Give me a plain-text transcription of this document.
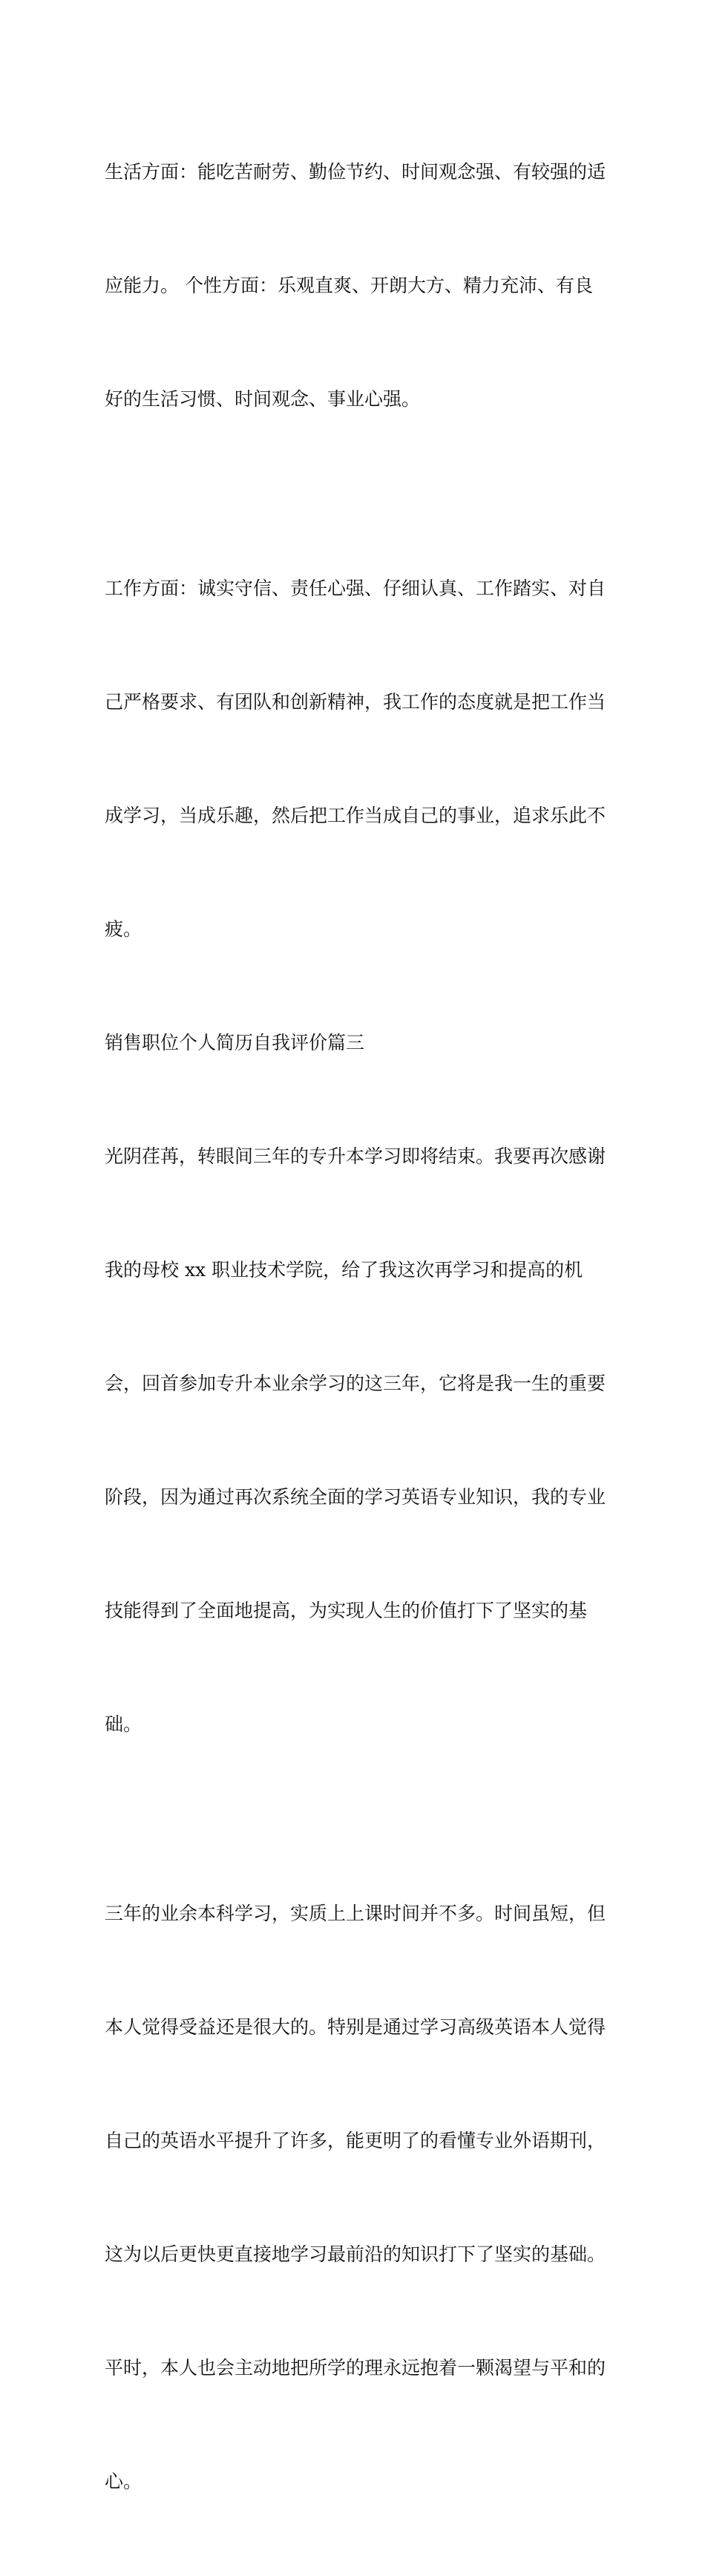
生活方面：能吃苦耐劳、勤俭节约、时间观念强、有较强的适

应能力。 个性方面：乐观直爽、开朗大方、精力充沛、有良

好的生活习惯、时间观念、事业心强。

工作方面：诚实守信、责任心强、仔细认真、工作踏实、对自

己严格要求、有团队和创新精神，我工作的态度就是把工作当

成学习，当成乐趣，然后把工作当成自己的事业，追求乐此不

疲。

销售职位个人简历自我评价篇三

光阴荏苒，转眼间三年的专升本学习即将结束。我要再次感谢

我的母校 xx 职业技术学院，给了我这次再学习和提高的机

会，回首参加专升本业余学习的这三年，它将是我一生的重要

阶段，因为通过再次系统全面的学习英语专业知识，我的专业

技能得到了全面地提高，为实现人生的价值打下了坚实的基

础。

三年的业余本科学习，实质上上课时间并不多。时间虽短，但

本人觉得受益还是很大的。特别是通过学习高级英语本人觉得

自己的英语水平提升了许多，能更明了的看懂专业外语期刊，

这为以后更快更直接地学习最前沿的知识打下了坚实的基础。

平时，本人也会主动地把所学的理永远抱着一颗渴望与平和的

心。
